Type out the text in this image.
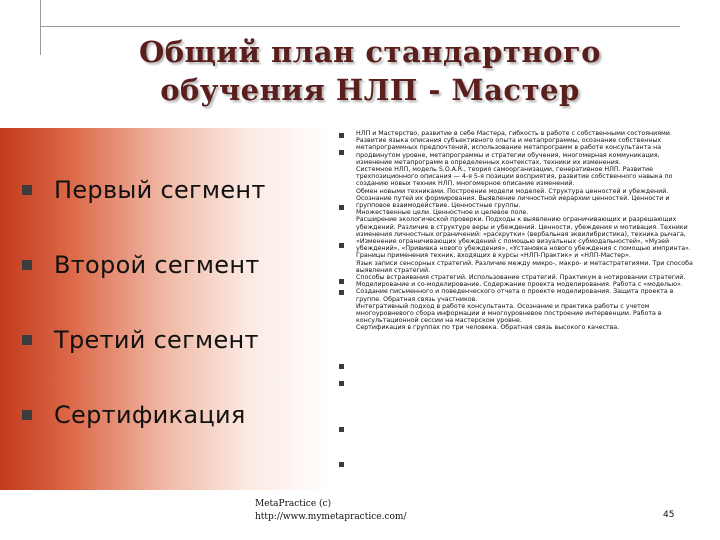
Общий план стандартного
обучения НЛП - Мастер
Первый сегмент
Второй сегмент
Третий сегмент
Сертификация

НЛП и Мастерство, развитие в себе Мастера, гибкость в работе с собственными состояниями.

Развитие языка описания субъективного опыта и метапрограммы, осознание собственных метапрограммных предпочтений, использование метапрограмм в работе консультанта на продвинутом уровне, метапрограммы и стратегии обучения, многомерная коммуникация, изменение метапрограмм в определенных контекстах, техники их изменения.

Системное НЛП, модель S.O.A.R., теория самоорганизации, генеративное НЛП. Развитие трехпозиционного описания — 4-я 5-я позиции восприятия, развитие собственного навыка по созданию новых техник НЛП, многомерное описание изменений.

Обмен новыми техниками. Построение модели моделей. Структура ценностей и убеждений. Осознание путей их формирования. Выявление личностной иерархии ценностей. Ценности и групповое взаимодействие. Ценностные группы.

Множественные цели. Ценностное и целевое поле.

Расширение экологической проверки. Подходы к выявлению ограничивающих и разрешающих убеждений. Различие в структуре веры и убеждений. Ценности, убеждения и мотивация. Техники изменения личностных ограничений: «раскрутки» (вербальная эквилибристика), техника рычага, «Изменение ограничивающих убеждений с помощью визуальных субмодальностей», «Музей убеждений», «Прививка нового убеждения», «Установка нового убеждения с помощью импринта». Границы применения техник, входящих в курсы «НЛП-Практик» и «НЛП-Мастер».

Язык записи сенсорных стратегий. Различие между микро-, макро- и метастратегиями. Три способа выявления стратегий.

Способы встраивания стратегий. Использование стратегий. Практикум в нотировании стратегий. Моделирование и со-моделирование. Содержание проекта моделирования. Работа с «моделью». Создание письменного и поведенческого отчета о проекте моделирования. Защита проекта в группе. Обратная связь участников.

Интегративный подход в работе консультанта. Осознание и практика работы с учетом многоуровневого сбора информации и многоуровневое построение интервенции. Работа в консультационной сессии на мастерском уровне.

Сертификация в группах по три человека. Обратная связь высокого качества.

MetaPractice (c)
http://www.mymetapractice.com/	45
